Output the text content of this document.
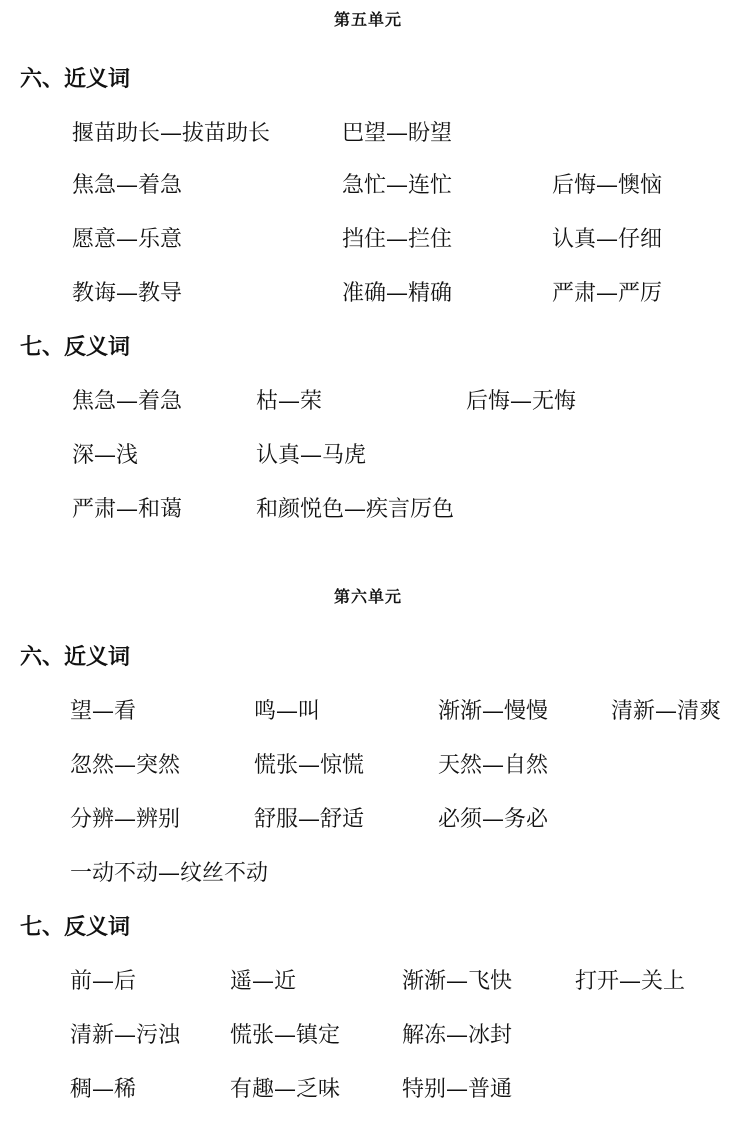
第五单元
六、近义词
揠苗助长—拔苗助长	巴望—盼望
焦急—着急	急忙—连忙	后悔—懊恼
愿意—乐意	挡住—拦住	认真—仔细
教诲—教导	准确—精确	严肃—严厉
七、反义词
焦急—着急	枯—荣	后悔—无悔
深—浅	认真—马虎
严肃—和蔼	和颜悦色—疾言厉色
第六单元
六、近义词
望—看	鸣—叫	渐渐—慢慢	清新—清爽
忽然—突然	慌张—惊慌	天然—自然
分辨—辨别	舒服—舒适	必须—务必
一动不动—纹丝不动
七、反义词
前—后	遥—近	渐渐—飞快	打开—关上
清新—污浊 慌张—镇定	解冻—冰封
稠—稀	有趣—乏味	特别—普通
